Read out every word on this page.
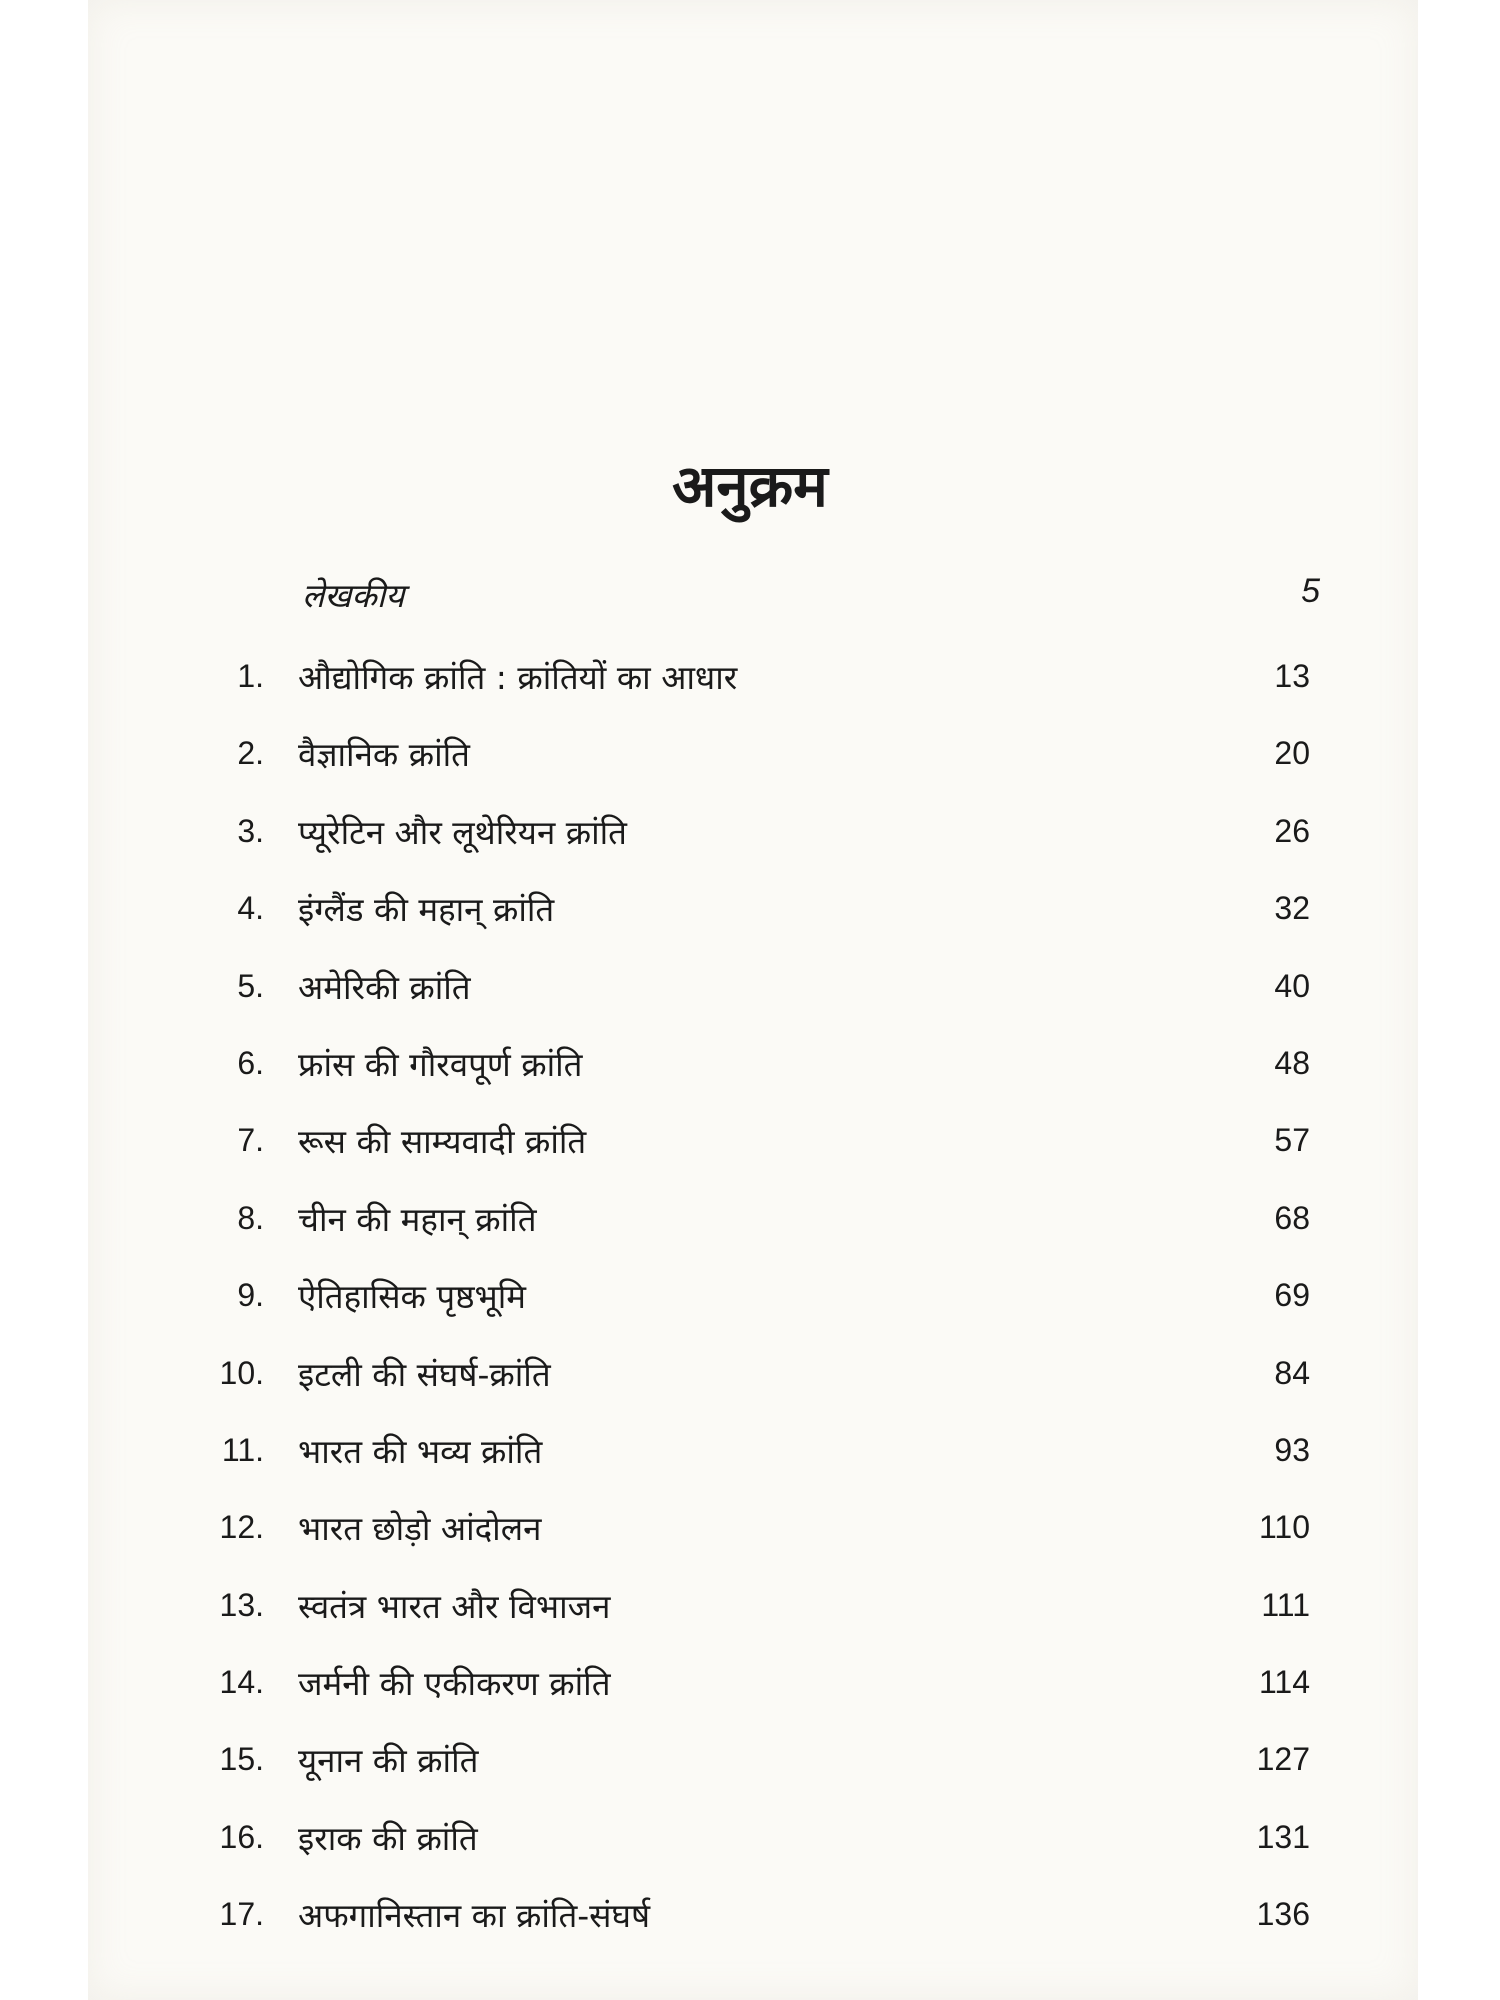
अनुक्रम
लेखकीय	5
1. औद्योगिक क्रांति : क्रांतियों का आधार	13
2. वैज्ञानिक क्रांति	20
3. प्यूरेटिन और लूथेरियन क्रांति	26
4. इंग्लैंड की महान् क्रांति	32
5. अमेरिकी क्रांति	40
6. फ्रांस की गौरवपूर्ण क्रांति	48
7. रूस की साम्यवादी क्रांति	57
8. चीन की महान् क्रांति	68
9. ऐतिहासिक पृष्ठभूमि	69
10. इटली की संघर्ष-क्रांति	84
11. भारत की भव्य क्रांति	93
12. भारत छोड़ो आंदोलन	110
13. स्वतंत्र भारत और विभाजन	111
14. जर्मनी की एकीकरण क्रांति	114
15. यूनान की क्रांति	127
16. इराक की क्रांति	131
17. अफगानिस्तान का क्रांति-संघर्ष	136
